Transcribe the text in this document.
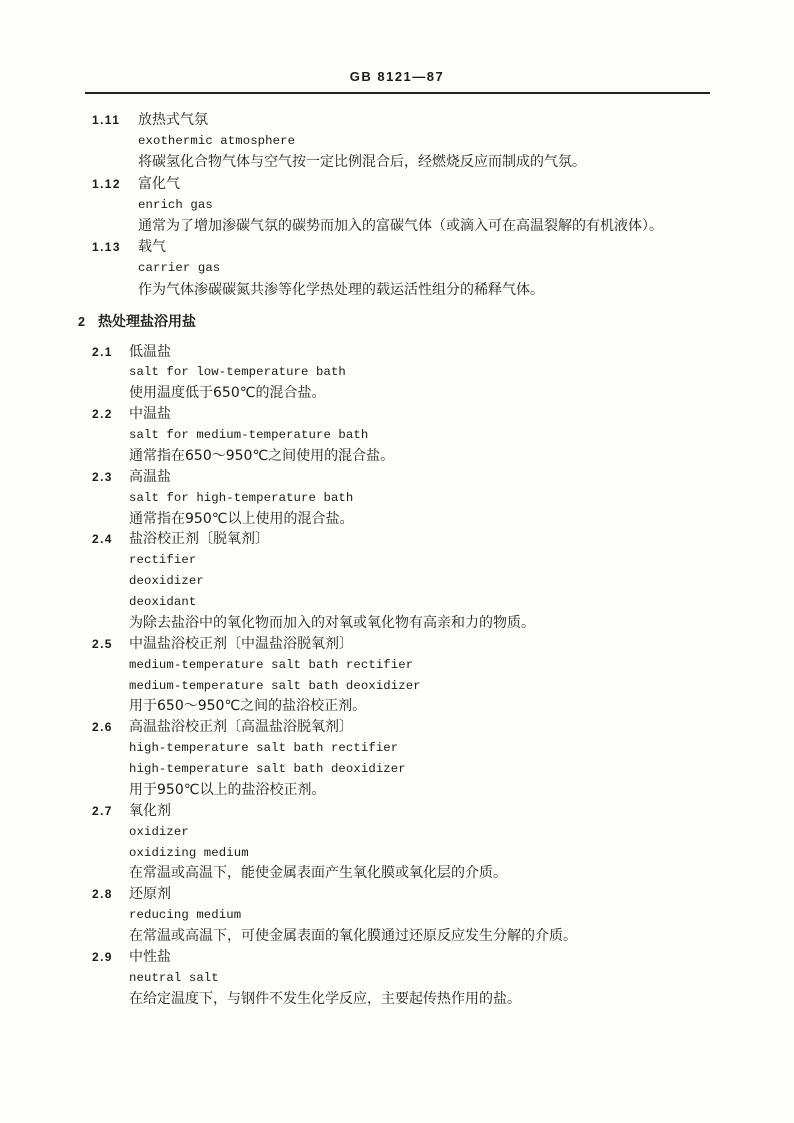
GB 8121—87
1.11	放热式气氛
exothermic atmosphere
将碳氢化合物气体与空气按一定比例混合后，经燃烧反应而制成的气氛。
1.12	富化气
enrich gas
通常为了增加渗碳气氛的碳势而加入的富碳气体（或滴入可在高温裂解的有机液体）。
1.13	载气
carrier gas
作为气体渗碳碳氮共渗等化学热处理的载运活性组分的稀释气体。
2 热处理盐浴用盐
2.1	低温盐
salt for low-temperature bath
使用温度低于650℃的混合盐。
2.2	中温盐
salt for medium-temperature bath
通常指在650～950℃之间使用的混合盐。
2.3	高温盐
salt for high-temperature bath
通常指在950℃以上使用的混合盐。
2.4	盐浴校正剂〔脱氧剂〕
rectifier
deoxidizer
deoxidant
为除去盐浴中的氧化物而加入的对氧或氧化物有高亲和力的物质。
2.5	中温盐浴校正剂〔中温盐浴脱氧剂〕
medium-temperature salt bath rectifier
medium-temperature salt bath deoxidizer
用于650～950℃之间的盐浴校正剂。
2.6	高温盐浴校正剂〔高温盐浴脱氧剂〕
high-temperature salt bath rectifier
high-temperature salt bath deoxidizer
用于950℃以上的盐浴校正剂。
2.7	氧化剂
oxidizer
oxidizing medium
在常温或高温下，能使金属表面产生氧化膜或氧化层的介质。
2.8	还原剂
reducing medium
在常温或高温下，可使金属表面的氧化膜通过还原反应发生分解的介质。
2.9	中性盐
neutral salt
在给定温度下，与钢件不发生化学反应，主要起传热作用的盐。
